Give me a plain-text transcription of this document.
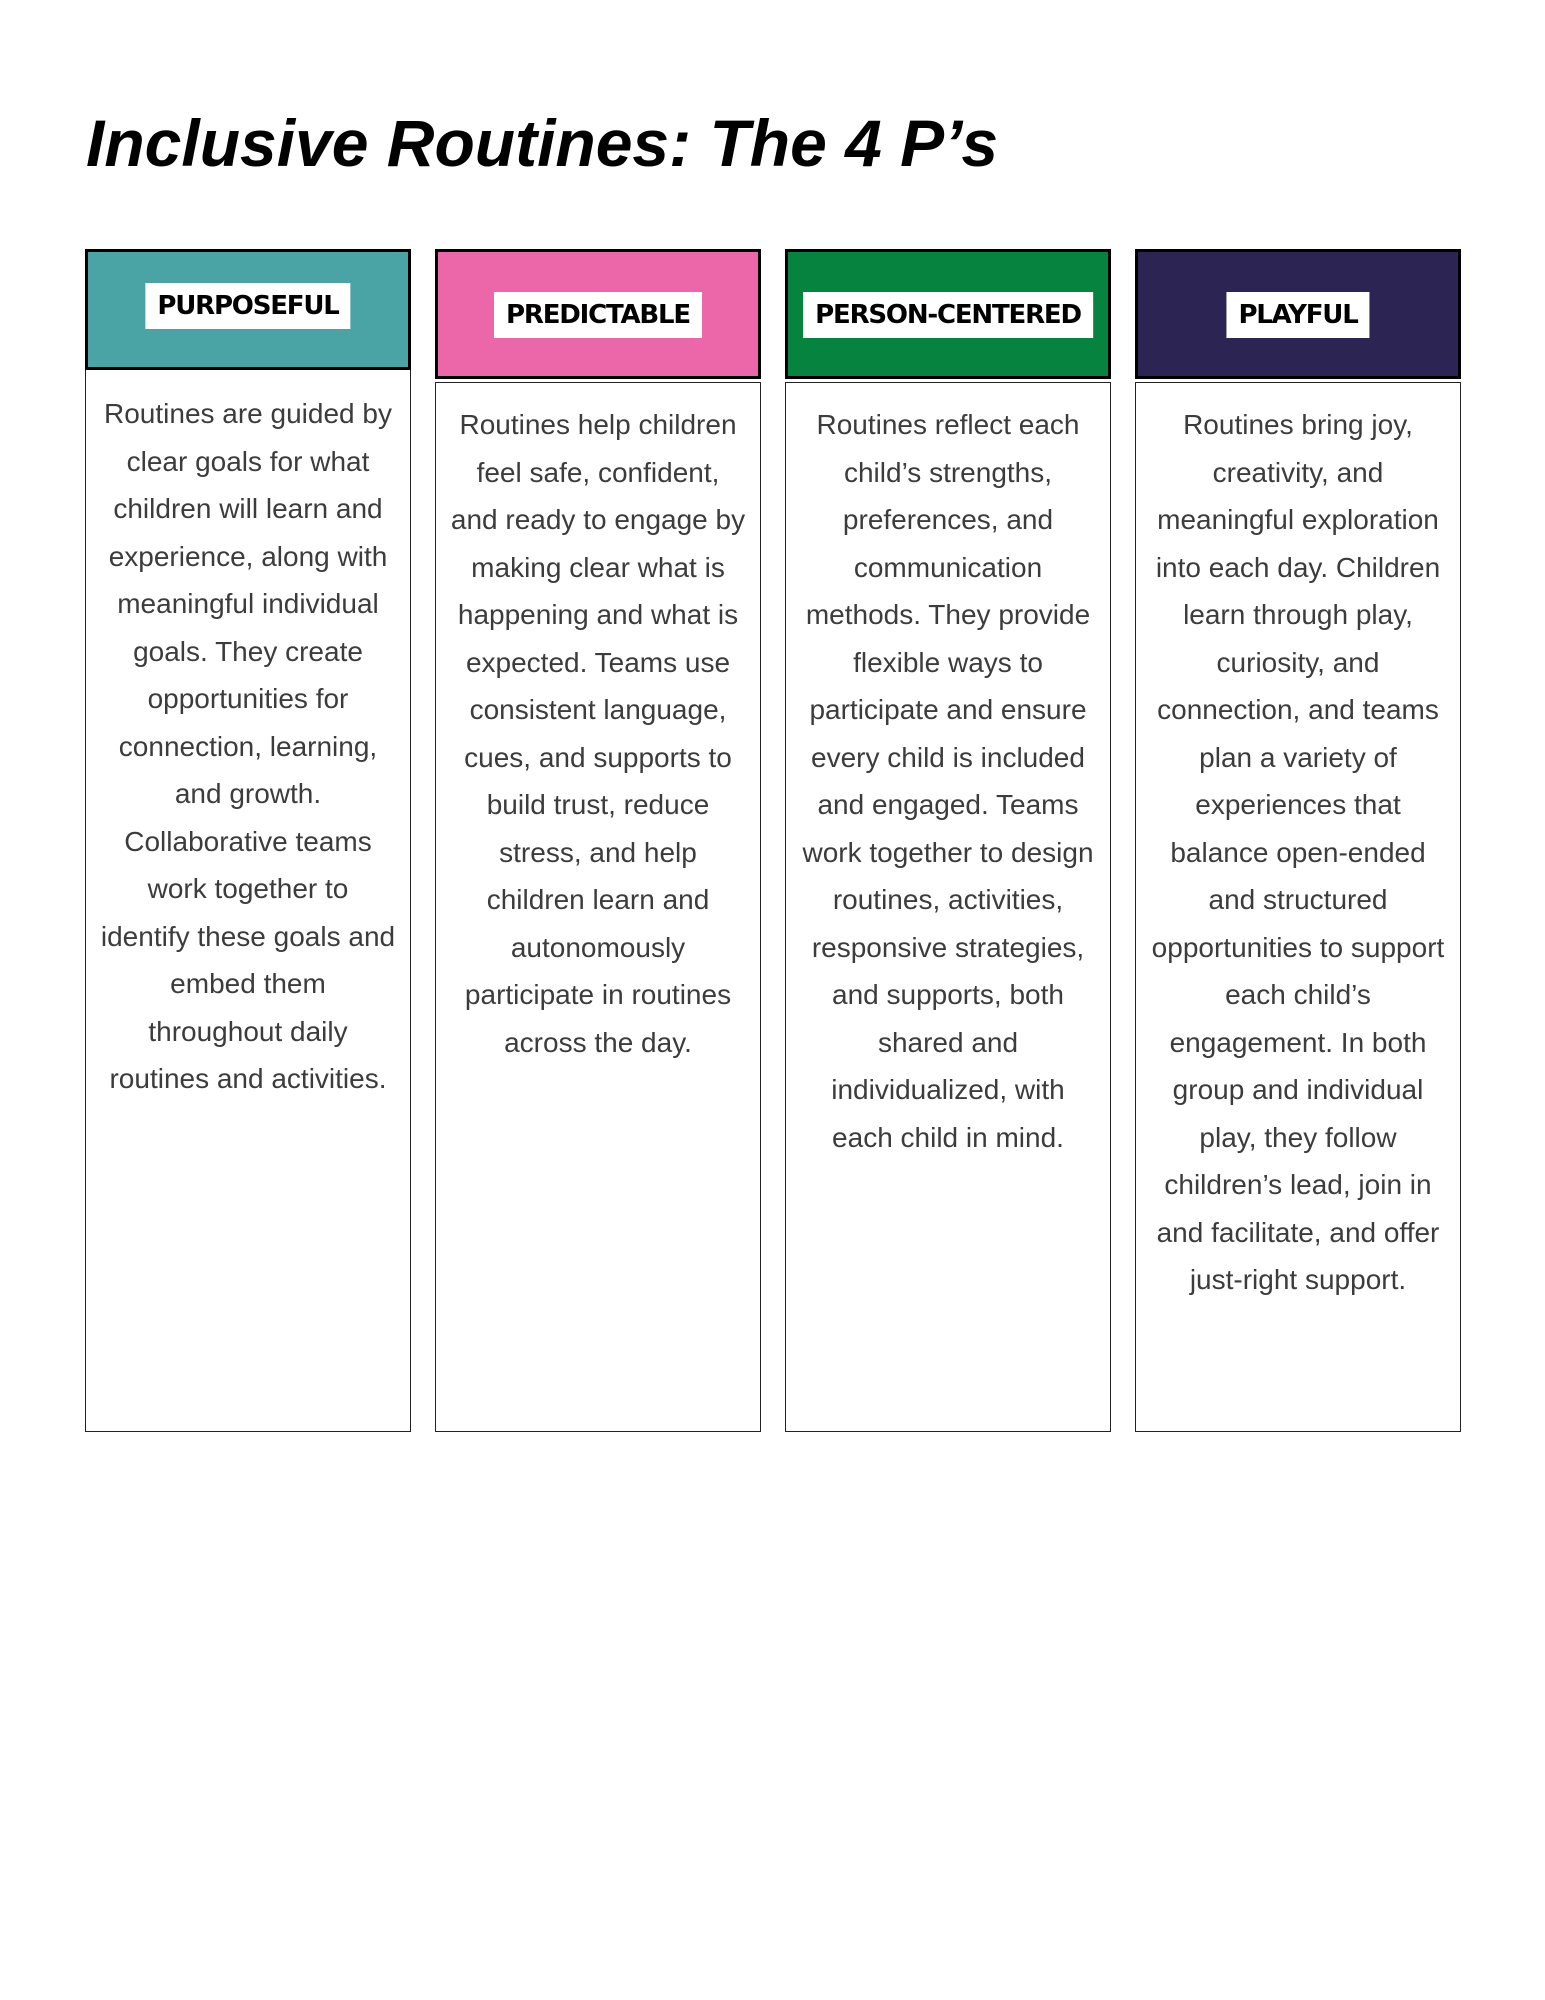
Inclusive Routines: The 4 P’s
PURPOSEFUL

Routines are guided by clear goals for what children will learn and experience, along with meaningful individual goals. They create opportunities for connection, learning, and growth. Collaborative teams work together to identify these goals and embed them throughout daily routines and activities.

PREDICTABLE

Routines help children feel safe, confident, and ready to engage by making clear what is happening and what is expected. Teams use consistent language, cues, and supports to build trust, reduce stress, and help children learn and autonomously participate in routines across the day.

PERSON-CENTERED

Routines reflect each child’s strengths, preferences, and communication methods. They provide flexible ways to participate and ensure every child is included and engaged. Teams work together to design routines, activities, responsive strategies, and supports, both shared and individualized, with each child in mind.

PLAYFUL

Routines bring joy, creativity, and meaningful exploration into each day. Children learn through play, curiosity, and connection, and teams plan a variety of experiences that balance open-ended and structured opportunities to support each child’s engagement. In both group and individual play, they follow children’s lead, join in and facilitate, and offer just-right support.
